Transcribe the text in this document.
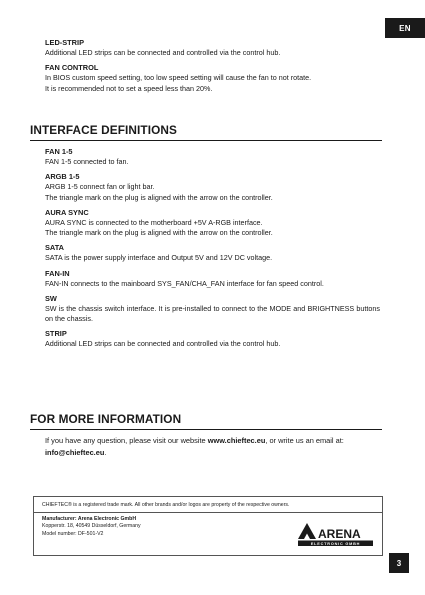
EN

LED-STRIP

Additional LED strips can be connected and controlled via the control hub.

FAN CONTROL

In BIOS custom speed setting, too low speed setting will cause the fan to not rotate.

It is recommended not to set a speed less than 20%.

INTERFACE DEFINITIONS

FAN 1-5

FAN 1-5 connected to fan.

ARGB 1-5

ARGB 1-5 connect fan or light bar.

The triangle mark on the plug is aligned with the arrow on the controller.

AURA SYNC

AURA SYNC is connected to the motherboard +5V A-RGB interface.

The triangle mark on the plug is aligned with the arrow on the controller.

SATA

SATA is the power supply interface and Output 5V and 12V DC voltage.

FAN-IN

FAN-IN connects to the mainboard SYS_FAN/CHA_FAN interface for fan speed control.

SW

SW is the chassis switch interface. It is pre-installed to connect to the MODE and BRIGHTNESS buttons on the chassis.

STRIP

Additional LED strips can be connected and controlled via the control hub.

FOR MORE INFORMATION

If you have any question, please visit our website www.chieftec.eu, or write us an email at: info@chieftec.eu.

CHIEFTEC® is a registered trade mark. All other brands and/or logos are property of the respective owners.
Manufacturer: Arena Electronic GmbH
Kopperstr. 18, 40549 Düsseldorf, Germany
Model number: DF-501-V2	ARENA
ELECTRONIC GMBH
3
